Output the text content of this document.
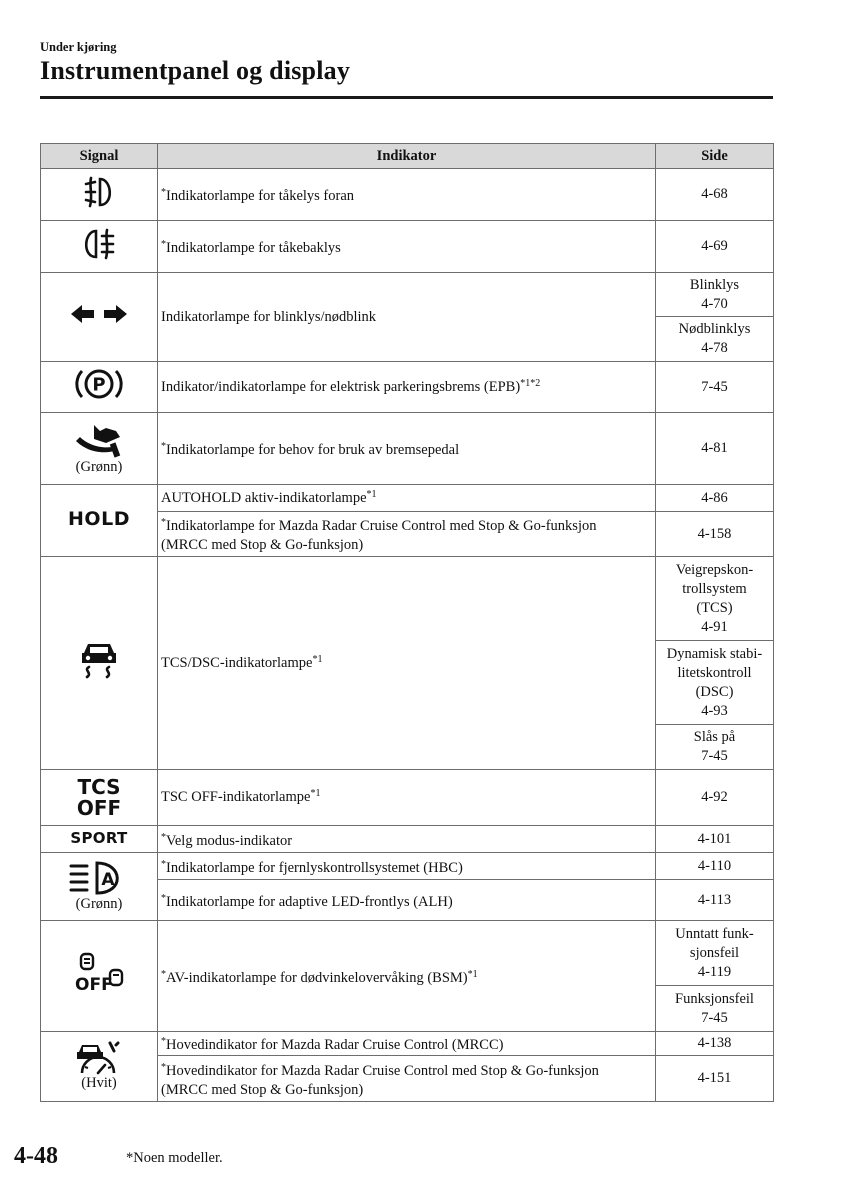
Under kjøring
Instrumentpanel og display
Signal	Indikator	Side
	*Indikatorlampe for tåkelys foran	4-68
	*Indikatorlampe for tåkebaklys	4-69
	Indikatorlampe for blinklys/nødblink	Blinklys
4-70

		Nødblinklys
4-78

P	Indikator/indikatorlampe for elektrisk parkeringsbrems (EPB)$^{*1*2}$	7-45

(Grønn)	*Indikatorlampe for behov for bruk av bremsepedal	4-81
HOLD	AUTOHOLD aktiv-indikatorlampe$^{*1}$	4-86

	*Indikatorlampe for Mazda Radar Cruise Control med Stop & Go-funksjon
(MRCC med Stop & Go-funksjon)	4-158
	TCS/DSC-indikatorlampe$^{*1}$	Veigrepskon-
trollsystem
(TCS)
4-91

		Dynamisk stabi-
litetskontroll
(DSC)
4-93

		Slås på
7-45

TCS
OFF	TSC OFF-indikatorlampe$^{*1}$	4-92
SPORT	*Velg modus-indikator	4-101

A
(Grønn)	*Indikatorlampe for fjernlyskontrollsystemet (HBC)	4-110
	*Indikatorlampe for adaptive LED-frontlys (ALH)	4-113

OFF	*AV-indikatorlampe for dødvinkelovervåking (BSM)$^{*1}$	Unntatt funk-
sjonsfeil
4-119

		Funksjonsfeil
7-45

(Hvit)	*Hovedindikator for Mazda Radar Cruise Control (MRCC)	4-138

	*Hovedindikator for Mazda Radar Cruise Control med Stop & Go-funksjon
(MRCC med Stop & Go-funksjon)	4-151
4-48	*Noen modeller.
